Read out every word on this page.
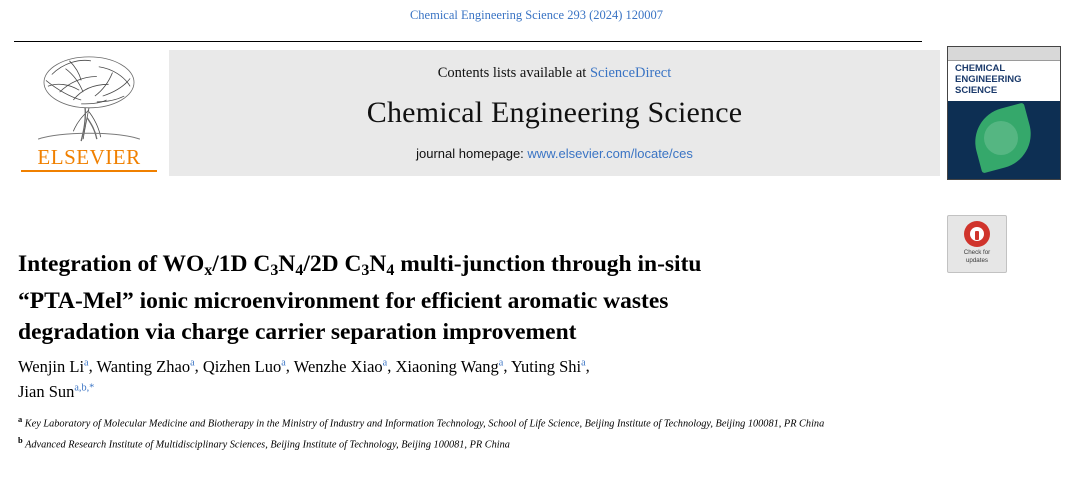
Chemical Engineering Science 293 (2024) 120007
ELSEVIER
Contents lists available at ScienceDirect
Chemical Engineering Science
journal homepage: www.elsevier.com/locate/ces
CHEMICAL ENGINEERING SCIENCE
Check for
updates
Integration of $WO_x/1D$ $C_3N_4/2D$ $C_3N_4$ multi-junction through in-situ
“PTA-Mel” ionic microenvironment for efficient aromatic wastes
degradation via charge carrier separation improvement
Wenjin Li$^a$, Wanting Zhao$^a$, Qizhen Luo$^a$, Wenzhe Xiao$^a$, Xiaoning Wang$^a$, Yuting Shi$^a$,
Jian Sun$^{a,b,*}$
$^a$ Key Laboratory of Molecular Medicine and Biotherapy in the Ministry of Industry and Information Technology, School of Life Science, Beijing Institute of Technology, Beijing 100081, PR China
$^b$ Advanced Research Institute of Multidisciplinary Sciences, Beijing Institute of Technology, Beijing 100081, PR China
